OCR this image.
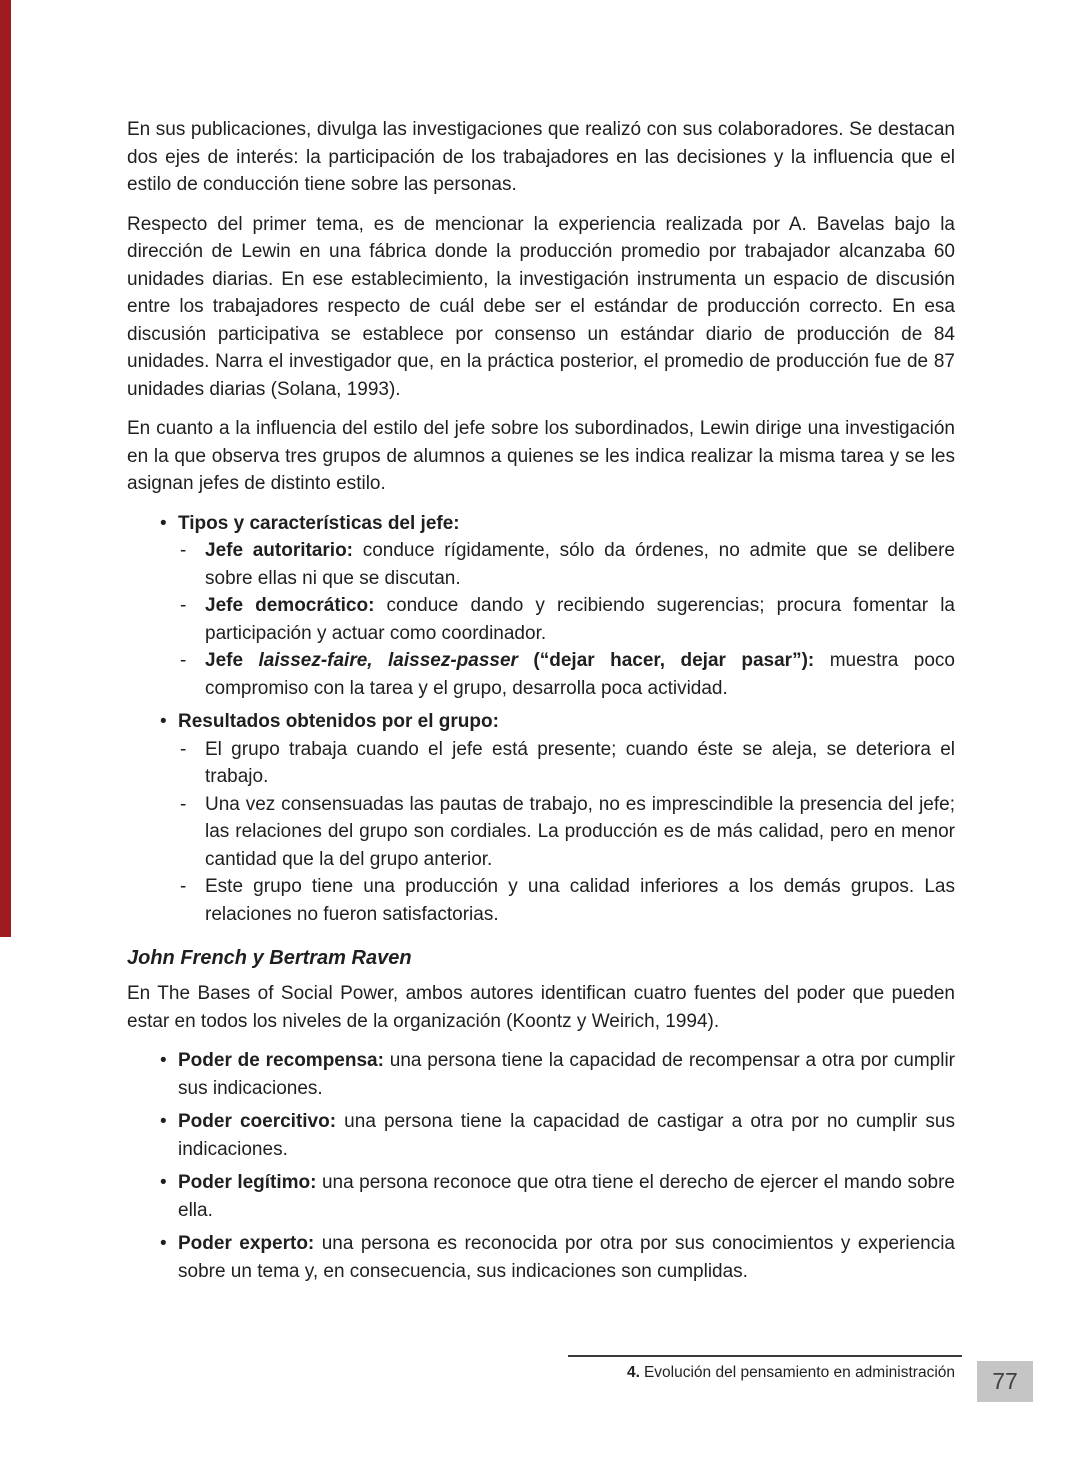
En sus publicaciones, divulga las investigaciones que realizó con sus colaboradores. Se destacan dos ejes de interés: la participación de los trabajadores en las decisiones y la influencia que el estilo de conducción tiene sobre las personas.

Respecto del primer tema, es de mencionar la experiencia realizada por A. Bavelas bajo la dirección de Lewin en una fábrica donde la producción promedio por trabajador alcanzaba 60 unidades diarias. En ese establecimiento, la investigación instrumenta un espacio de discusión entre los trabajadores respecto de cuál debe ser el estándar de producción correcto. En esa discusión participativa se establece por consenso un estándar diario de producción de 84 unidades. Narra el investigador que, en la práctica posterior, el promedio de producción fue de 87 unidades diarias (Solana, 1993).

En cuanto a la influencia del estilo del jefe sobre los subordinados, Lewin dirige una investigación en la que observa tres grupos de alumnos a quienes se les indica realizar la misma tarea y se les asignan jefes de distinto estilo.

• Tipos y características del jefe:
- Jefe autoritario: conduce rígidamente, sólo da órdenes, no admite que se delibere sobre ellas ni que se discutan.
- Jefe democrático: conduce dando y recibiendo sugerencias; procura fomentar la participación y actuar como coordinador.
- Jefe laissez-faire, laissez-passer (“dejar hacer, dejar pasar”): muestra poco compromiso con la tarea y el grupo, desarrolla poca actividad.
• Resultados obtenidos por el grupo:
- El grupo trabaja cuando el jefe está presente; cuando éste se aleja, se deteriora el trabajo.
- Una vez consensuadas las pautas de trabajo, no es imprescindible la presencia del jefe; las relaciones del grupo son cordiales. La producción es de más calidad, pero en menor cantidad que la del grupo anterior.
- Este grupo tiene una producción y una calidad inferiores a los demás grupos. Las relaciones no fueron satisfactorias.
John French y Bertram Raven

En The Bases of Social Power, ambos autores identifican cuatro fuentes del poder que pueden estar en todos los niveles de la organización (Koontz y Weirich, 1994).

• Poder de recompensa: una persona tiene la capacidad de recompensar a otra por cumplir sus indicaciones.
• Poder coercitivo: una persona tiene la capacidad de castigar a otra por no cumplir sus indicaciones.
• Poder legítimo: una persona reconoce que otra tiene el derecho de ejercer el mando sobre ella.
• Poder experto: una persona es reconocida por otra por sus conocimientos y experiencia sobre un tema y, en consecuencia, sus indicaciones son cumplidas.
4. Evolución del pensamiento en administración	77
